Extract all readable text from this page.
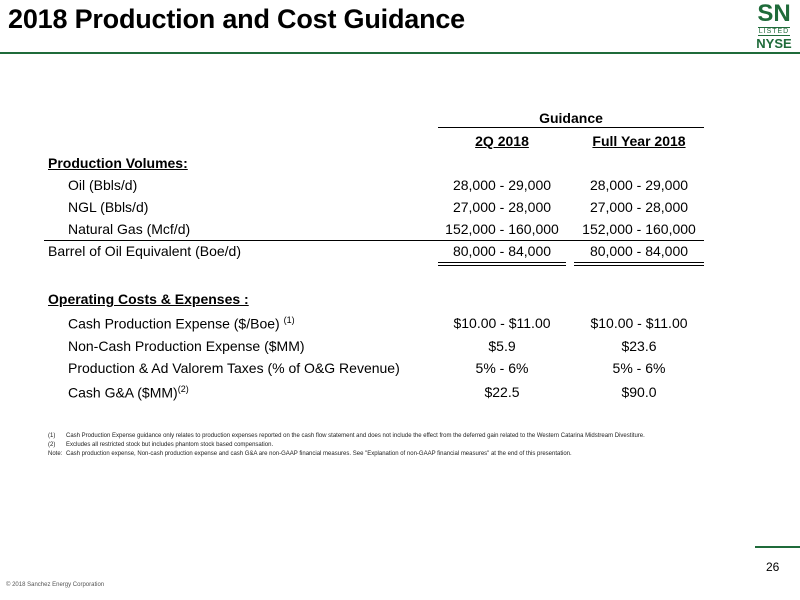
2018 Production and Cost Guidance	SN
LISTED
NYSE
Guidance
2Q 2018	Full Year 2018
Production Volumes:
Oil (Bbls/d)	28,000 - 29,000	28,000 - 29,000
NGL (Bbls/d)	27,000 - 28,000	27,000 - 28,000
Natural Gas (Mcf/d)	152,000 - 160,000	152,000 - 160,000
Barrel of Oil Equivalent (Boe/d)	80,000 - 84,000	80,000 - 84,000
Operating Costs & Expenses :
Cash Production Expense ($/Boe) $^{(1)}$	$10.00 - $11.00	$10.00 - $11.00
Non-Cash Production Expense ($MM)	$5.9	$23.6
Production & Ad Valorem Taxes (% of O&G Revenue)	5% - 6%	5% - 6%
Cash G&A ($MM)$^{(2)}$	$22.5	$90.0
(1) Cash Production Expense guidance only relates to production expenses reported on the cash flow statement and does not include the effect from the deferred gain related to the Western Catarina Midstream Divestiture.
(2) Excludes all restricted stock but includes phantom stock based compensation.
Note: Cash production expense, Non-cash production expense and cash G&A are non-GAAP financial measures. See "Explanation of non-GAAP financial measures" at the end of this presentation.
26
© 2018 Sanchez Energy Corporation
